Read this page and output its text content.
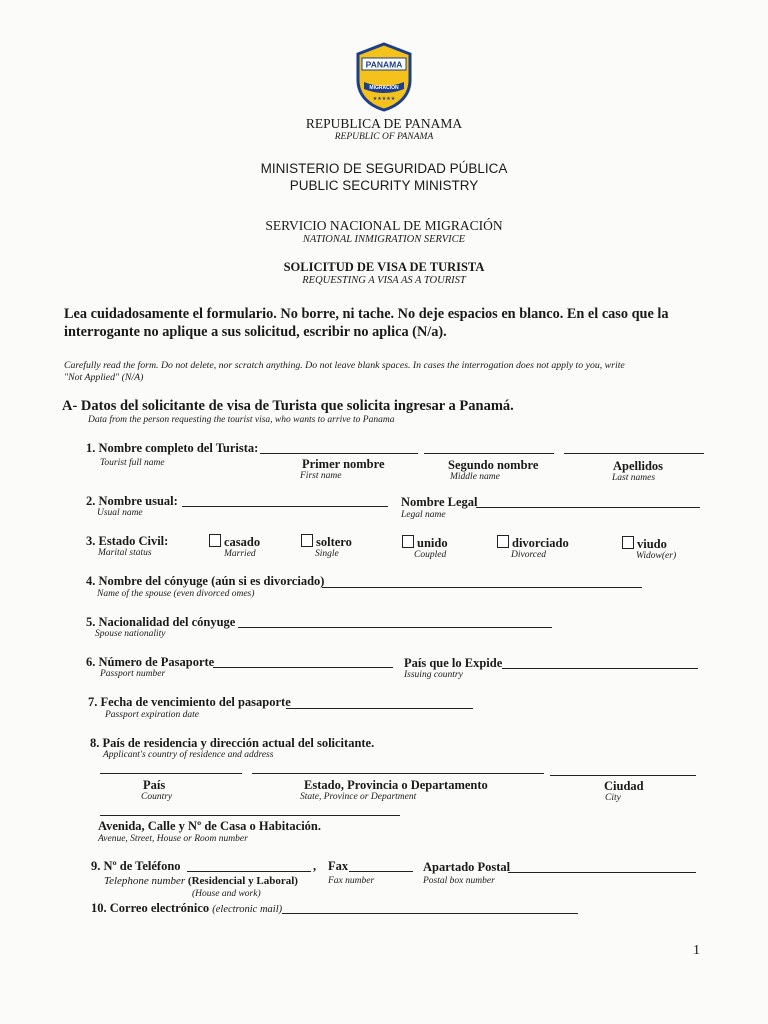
PANAMA
MIGRACION
★★★★★
REPUBLICA DE PANAMA
REPUBLIC OF PANAMA
MINISTERIO DE SEGURIDAD PÚBLICA
PUBLIC SECURITY MINISTRY
SERVICIO NACIONAL DE MIGRACIÓN
NATIONAL INMIGRATION SERVICE
SOLICITUD DE VISA DE TURISTA
REQUESTING A VISA AS A TOURIST
Lea cuidadosamente el formulario. No borre, ni tache. No deje espacios en blanco. En el caso que la
interrogante no aplique a sus solicitud, escribir no aplica (N/a).
Carefully read the form. Do not delete, nor scratch anything. Do not leave blank spaces. In cases the interrogation does not apply to you, write
"Not Applied" (N/A)
A- Datos del solicitante de visa de Turista que solicita ingresar a Panamá.
Data from the person requesting the tourist visa, who wants to arrive to Panama
1. Nombre completo del Turista:
Tourist full name	Primer nombre
First name
Segundo nombre
Middle name
Apellidos
Last names
2. Nombre usual:
Usual name
Nombre Legal
Legal name
3. Estado Civil:
Marital status
casado
Married
soltero
Single
unido
Coupled
divorciado
Divorced
viudo
Widow(er)
4. Nombre del cónyuge (aún si es divorciado)
Name of the spouse (even divorced omes)
5. Nacionalidad del cónyuge
Spouse nationality
6. Número de Pasaporte
Passport number
País que lo Expide
Issuing country
7. Fecha de vencimiento del pasaporte
Passport expiration date
8. País de residencia y dirección actual del solicitante.
Applicant's country of residence and address
País
Country
Estado, Provincia o Departamento
State, Province or Department
Ciudad
City
Avenida, Calle y Nº de Casa o Habitación.
Avenue, Street, House or Room number
9. Nº de Teléfono	,
Telephone number (Residencial y Laboral)
(House and work)
Fax
Fax number
Apartado Postal
Postal box number
10. Correo electrónico (electronic mail)
1
